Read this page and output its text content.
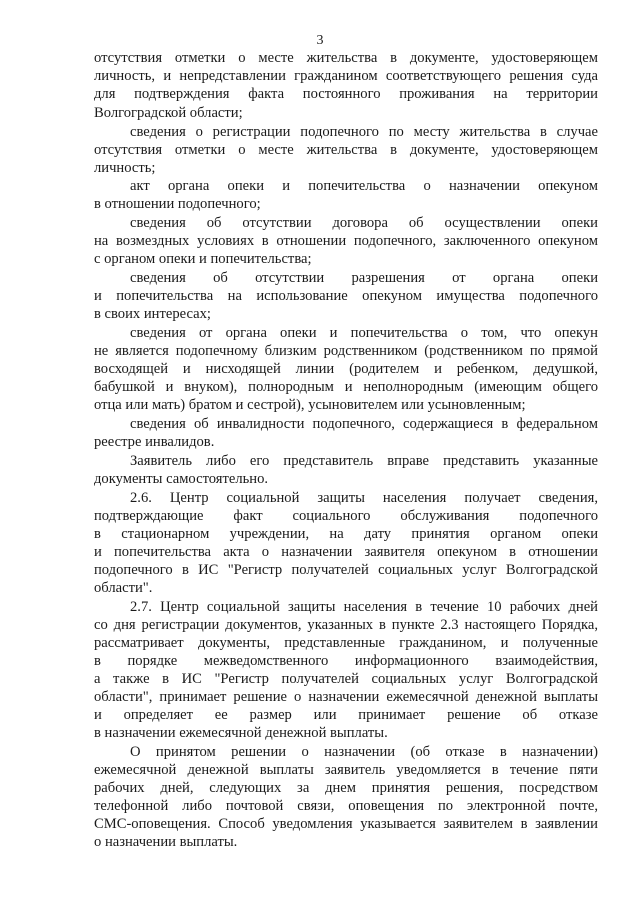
3
отсутствия отметки о месте жительства в документе, удостоверяющем
личность, и непредставлении гражданином соответствующего решения суда
для подтверждения факта постоянного проживания на территории
Волгоградской области;
сведения о регистрации подопечного по месту жительства в случае
отсутствия отметки о месте жительства в документе, удостоверяющем
личность;
акт органа опеки и попечительства о назначении опекуном
в отношении подопечного;
сведения об отсутствии договора об осуществлении опеки
на возмездных условиях в отношении подопечного, заключенного опекуном
с органом опеки и попечительства;
сведения об отсутствии разрешения от органа опеки
и попечительства на использование опекуном имущества подопечного
в своих интересах;
сведения от органа опеки и попечительства о том, что опекун
не является подопечному близким родственником (родственником по прямой
восходящей и нисходящей линии (родителем и ребенком, дедушкой,
бабушкой и внуком), полнородным и неполнородным (имеющим общего
отца или мать) братом и сестрой), усыновителем или усыновленным;
сведения об инвалидности подопечного, содержащиеся в федеральном
реестре инвалидов.
Заявитель либо его представитель вправе представить указанные
документы самостоятельно.
2.6. Центр социальной защиты населения получает сведения,
подтверждающие факт социального обслуживания подопечного
в стационарном учреждении, на дату принятия органом опеки
и попечительства акта о назначении заявителя опекуном в отношении
подопечного в ИС "Регистр получателей социальных услуг Волгоградской
области".
2.7. Центр социальной защиты населения в течение 10 рабочих дней
со дня регистрации документов, указанных в пункте 2.3 настоящего Порядка,
рассматривает документы, представленные гражданином, и полученные
в порядке межведомственного информационного взаимодействия,
а также в ИС "Регистр получателей социальных услуг Волгоградской
области", принимает решение о назначении ежемесячной денежной выплаты
и определяет ее размер или принимает решение об отказе
в назначении ежемесячной денежной выплаты.
О принятом решении о назначении (об отказе в назначении)
ежемесячной денежной выплаты заявитель уведомляется в течение пяти
рабочих дней, следующих за днем принятия решения, посредством
телефонной либо почтовой связи, оповещения по электронной почте,
СМС-оповещения. Способ уведомления указывается заявителем в заявлении
о назначении выплаты.
